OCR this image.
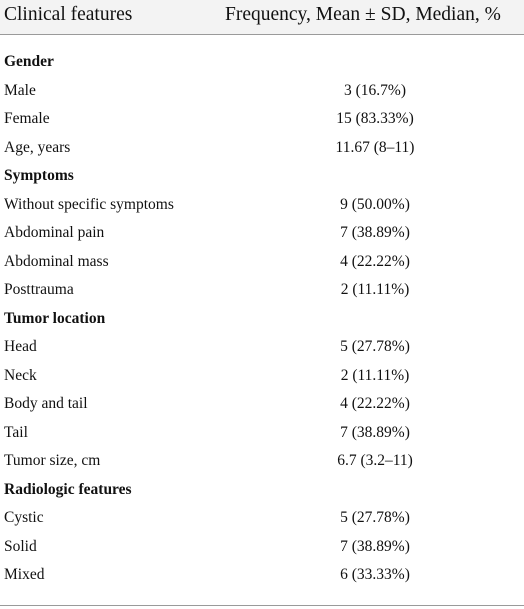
Clinical features	Frequency, Mean ± SD, Median, %
Gender
Male	3 (16.7%)
Female	15 (83.33%)
Age, years	11.67 (8–11)
Symptoms
Without specific symptoms	9 (50.00%)
Abdominal pain	7 (38.89%)
Abdominal mass	4 (22.22%)
Posttrauma	2 (11.11%)
Tumor location
Head	5 (27.78%)
Neck	2 (11.11%)
Body and tail	4 (22.22%)
Tail	7 (38.89%)
Tumor size, cm	6.7 (3.2–11)
Radiologic features
Cystic	5 (27.78%)
Solid	7 (38.89%)
Mixed	6 (33.33%)
